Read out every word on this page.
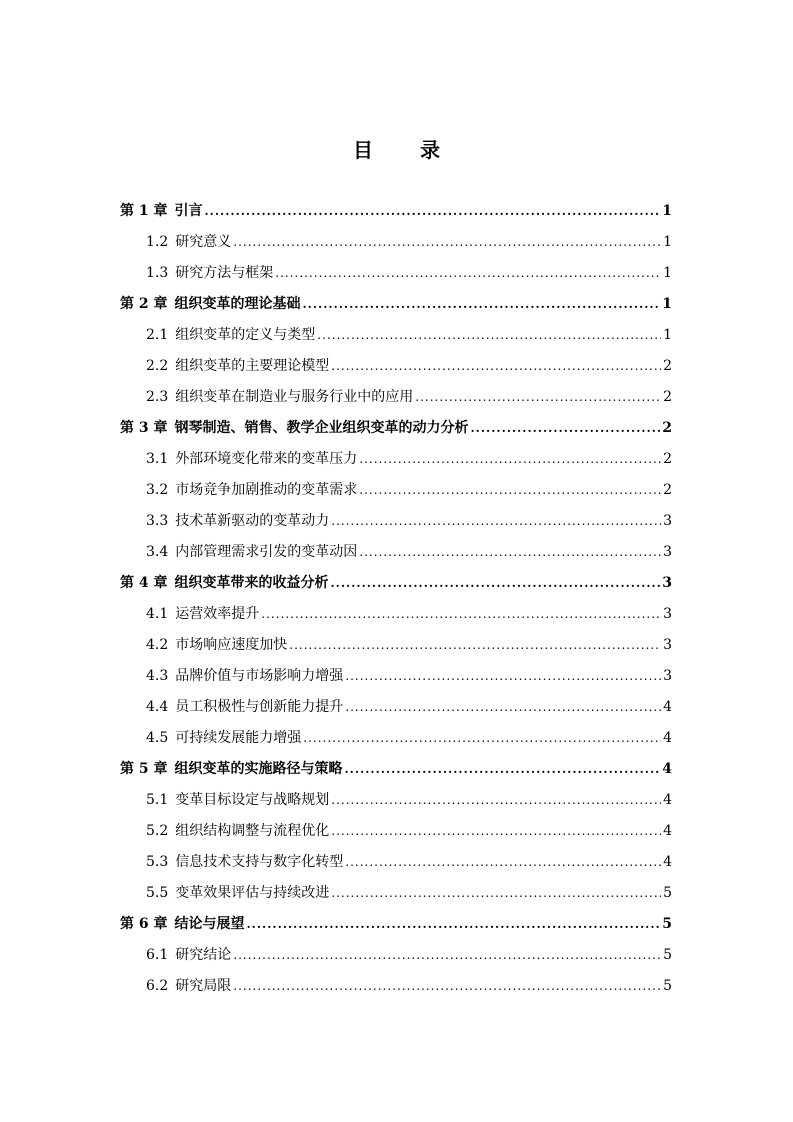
目 录
第 1 章 引言 .....	1
1.2 研究意义 .....	1
1.3 研究方法与框架 .....	1
第 2 章 组织变革的理论基础 .....	1
2.1 组织变革的定义与类型 .....	1
2.2 组织变革的主要理论模型 .....	2
2.3 组织变革在制造业与服务行业中的应用 .....	2
第 3 章 钢琴制造、销售、教学企业组织变革的动力分析 .....	2
3.1 外部环境变化带来的变革压力 .....	2
3.2 市场竞争加剧推动的变革需求 .....	2
3.3 技术革新驱动的变革动力 .....	3
3.4 内部管理需求引发的变革动因 .....	3
第 4 章 组织变革带来的收益分析 .....	3
4.1 运营效率提升 .....	3
4.2 市场响应速度加快 .....	3
4.3 品牌价值与市场影响力增强 .....	3
4.4 员工积极性与创新能力提升 .....	4
4.5 可持续发展能力增强 .....	4
第 5 章 组织变革的实施路径与策略 .....	4
5.1 变革目标设定与战略规划 .....	4
5.2 组织结构调整与流程优化 .....	4
5.3 信息技术支持与数字化转型 .....	4
5.5 变革效果评估与持续改进 .....	5
第 6 章 结论与展望 .....	5
6.1 研究结论 .....	5
6.2 研究局限 .....	5
